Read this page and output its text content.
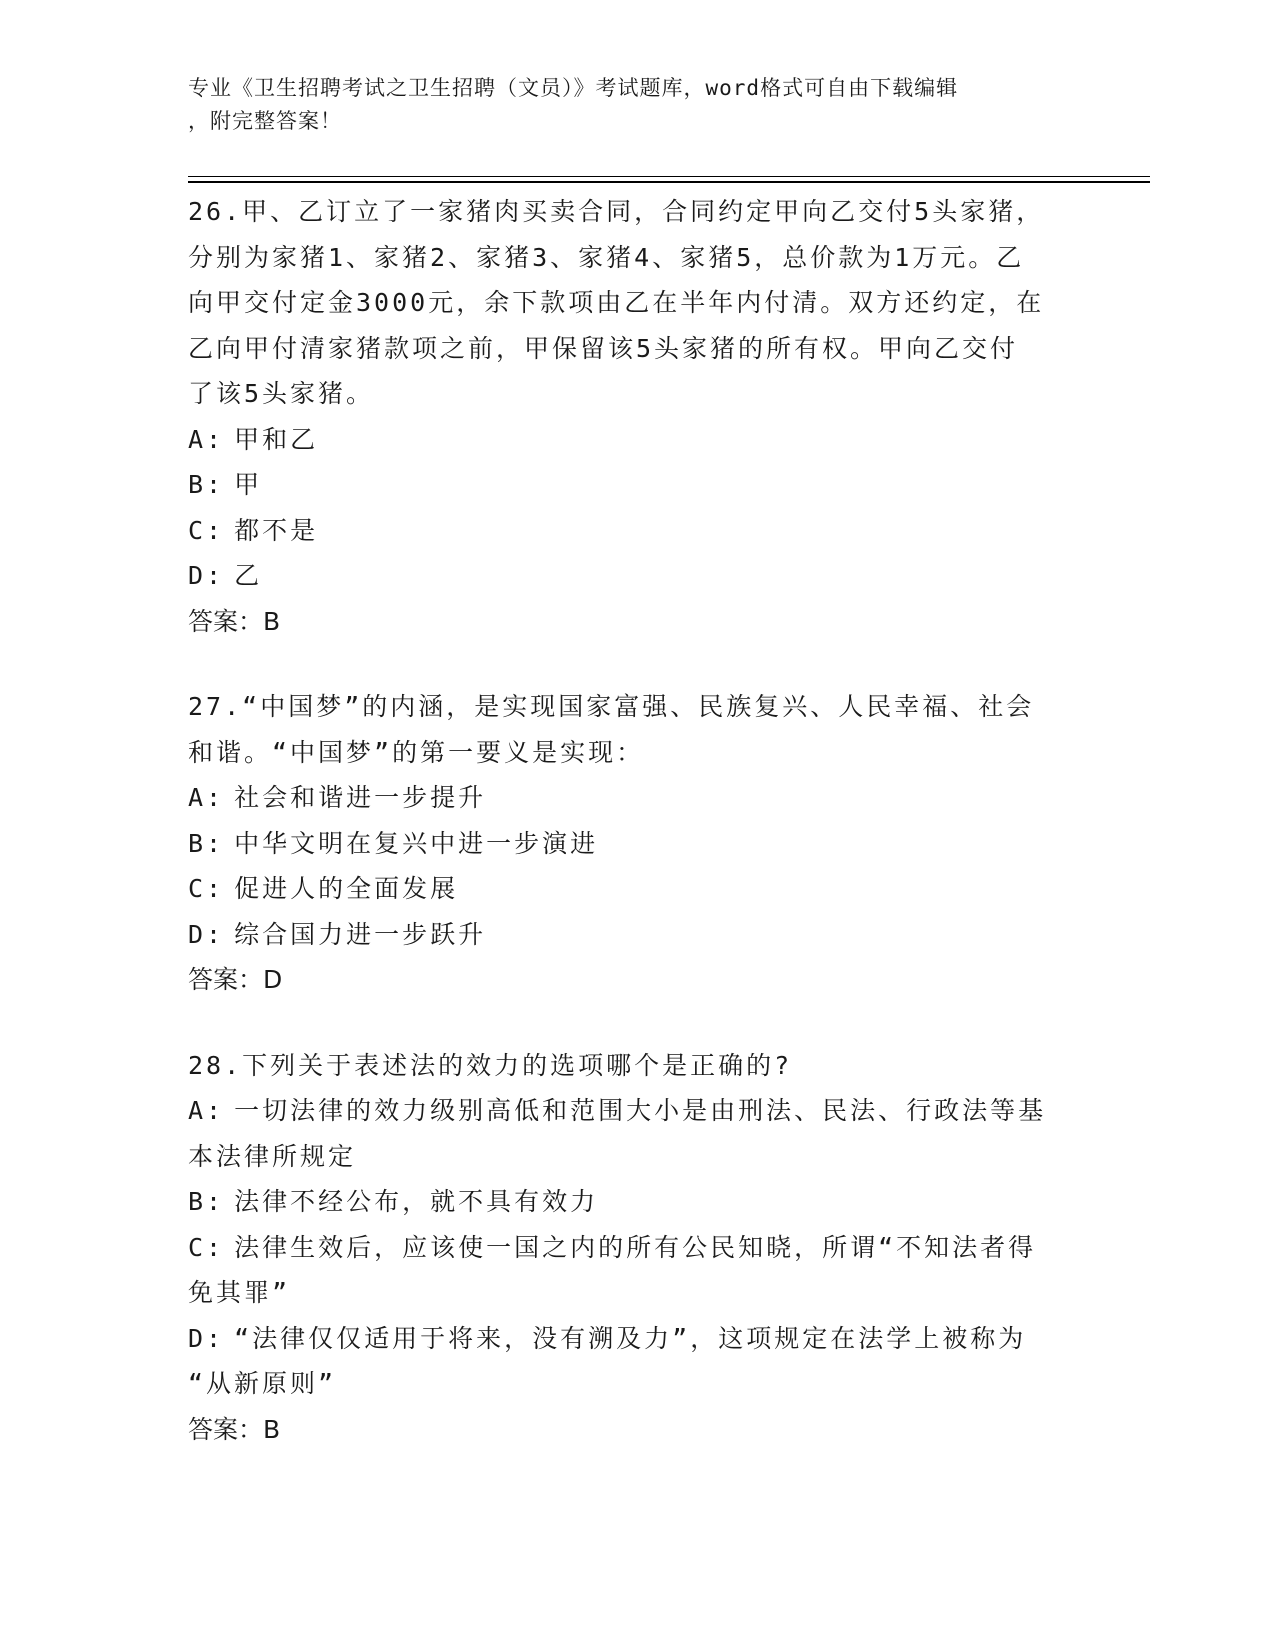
专业《卫生招聘考试之卫生招聘（文员）》考试题库，word格式可自由下载编辑
，附完整答案！
26.甲、乙订立了一家猪肉买卖合同，合同约定甲向乙交付5头家猪，
分别为家猪1、家猪2、家猪3、家猪4、家猪5，总价款为1万元。乙
向甲交付定金3000元，余下款项由乙在半年内付清。双方还约定，在
乙向甲付清家猪款项之前，甲保留该5头家猪的所有权。甲向乙交付
了该5头家猪。
A: 甲和乙
B: 甲
C: 都不是
D: 乙
答案：B
27.“中国梦”的内涵，是实现国家富强、民族复兴、人民幸福、社会
和谐。“中国梦”的第一要义是实现：
A: 社会和谐进一步提升
B: 中华文明在复兴中进一步演进
C: 促进人的全面发展
D: 综合国力进一步跃升
答案：D
28.下列关于表述法的效力的选项哪个是正确的?
A: 一切法律的效力级别高低和范围大小是由刑法、民法、行政法等基
本法律所规定
B: 法律不经公布，就不具有效力
C: 法律生效后，应该使一国之内的所有公民知晓，所谓“不知法者得
免其罪”
D: “法律仅仅适用于将来，没有溯及力”，这项规定在法学上被称为
“从新原则”
答案：B
